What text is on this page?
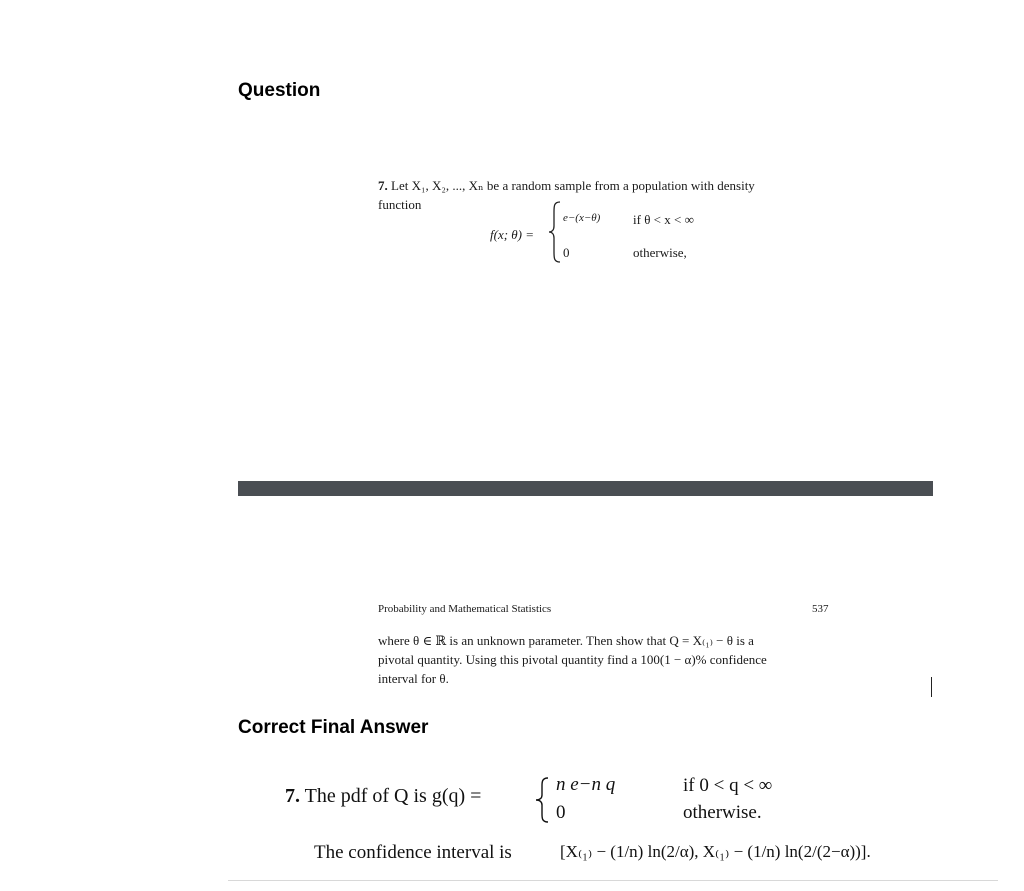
Question
Correct Final Answer
7. Let X₁, X₂, ..., Xₙ be a random sample from a population with density
function
f(x; θ) =
e−(x−θ)	if θ < x < ∞
0	otherwise,
Probability and Mathematical Statistics	537
where θ ∈ ℝ is an unknown parameter. Then show that Q = X₍₁₎ − θ is a
pivotal quantity. Using this pivotal quantity find a 100(1 − α)% confidence
interval for θ.
7. The pdf of Q is g(q) =
n e−n q	if 0 < q < ∞
0	otherwise.
The confidence interval is	[X₍₁₎ − (1/n) ln(2/α), X₍₁₎ − (1/n) ln(2/(2−α))].
